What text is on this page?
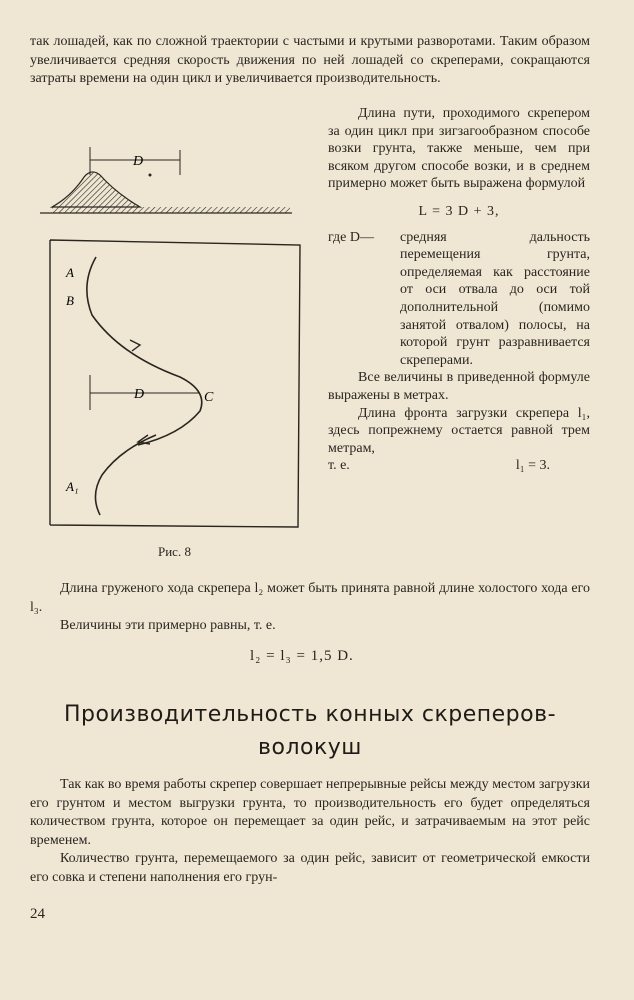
так лошадей, как по сложной траектории с частыми и крутыми разворотами. Таким образом увеличивается средняя скорость движения по ней лошадей со скреперами, сокращаются затраты времени на один цикл и увеличивается производительность.

Длина пути, проходимого скрепером за один цикл при зигзагообразном способе возки грунта, также меньше, чем при всяком другом способе возки, и в среднем примерно может быть выражена формулой

L = 3 D + 3,

где D—	средняя дальность перемещения грунта, определяемая как расстояние от оси отвала до оси той дополнительной (помимо занятой отвалом) полосы, на которой грунт разравнивается скреперами.

Все величины в приведенной формуле выражены в метрах.

Длина фронта загрузки скрепера l₁, здесь попрежнему остается равной трем метрам,

т. е.	l₁ = 3.
D
D
A
B
C
A₁
Рис. 8

Длина груженого хода скрепера l₂ может быть принята равной длине холостого хода его l₃.

Величины эти примерно равны, т. е.

l₂ = l₃ = 1,5 D.
Производительность конных скреперов-
волокуш

Так как во время работы скрепер совершает непрерывные рейсы между местом загрузки его грунтом и местом выгрузки грунта, то производительность его будет определяться количеством грунта, которое он перемещает за один рейс, и затрачиваемым на этот рейс временем.

Количество грунта, перемещаемого за один рейс, зависит от геометрической емкости его совка и степени наполнения его грун-

24
